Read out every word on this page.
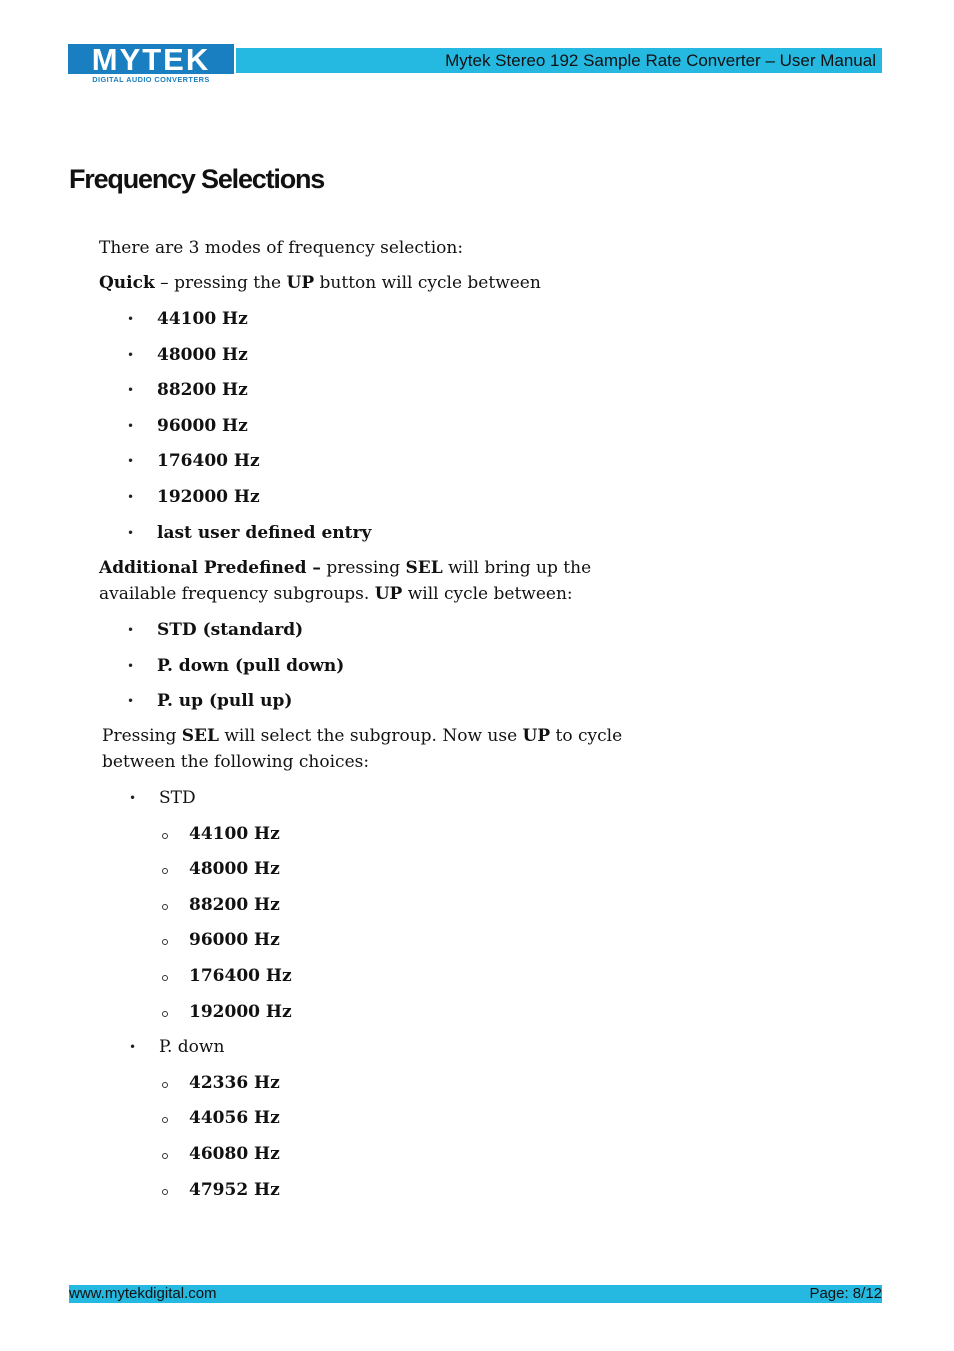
MYTEK
DIGITAL AUDIO CONVERTERS
Mytek Stereo 192 Sample Rate Converter – User Manual
Frequency Selections
There are 3 modes of frequency selection:
Quick – pressing the UP button will cycle between
• 44100 Hz
• 48000 Hz
• 88200 Hz
• 96000 Hz
• 176400 Hz
• 192000 Hz
• last user defined entry
Additional Predefined – pressing SEL will bring up the
available frequency subgroups. UP will cycle between:
• STD (standard)
• P. down (pull down)
• P. up (pull up)
Pressing SEL will select the subgroup. Now use UP to cycle
between the following choices:
• STD
44100 Hz
48000 Hz
88200 Hz
96000 Hz
176400 Hz
192000 Hz
• P. down
42336 Hz
44056 Hz
46080 Hz
47952 Hz
www.mytekdigital.com	Page: 8/12
